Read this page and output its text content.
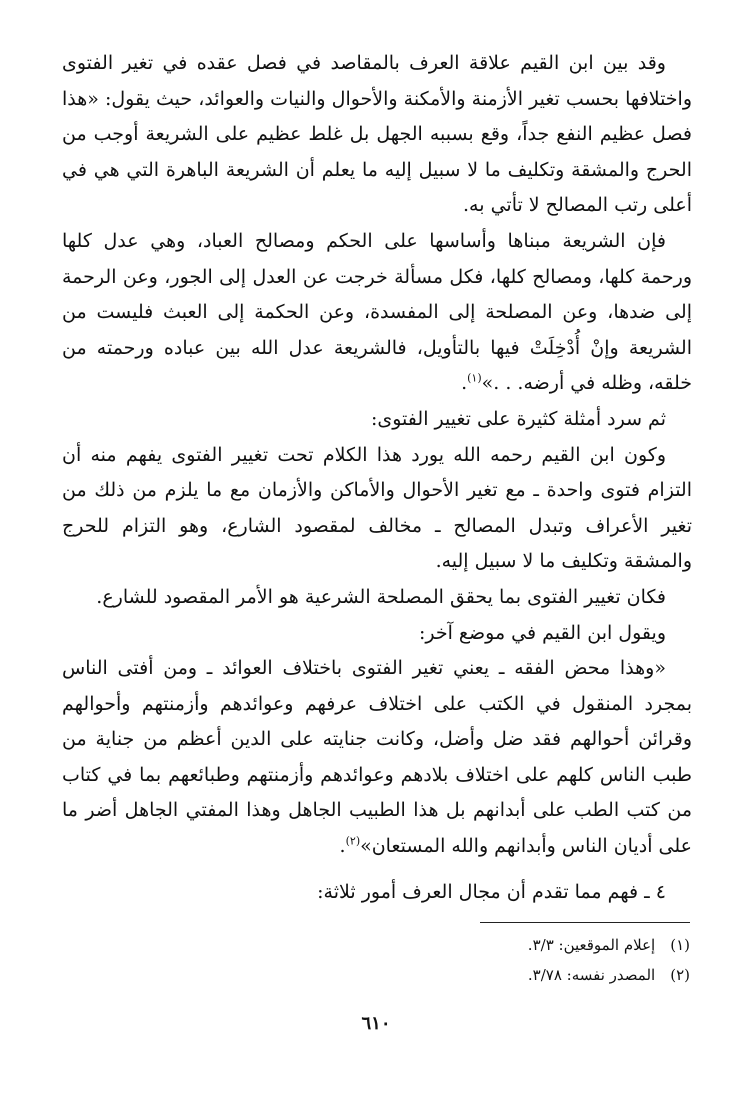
وقد بين ابن القيم علاقة العرف بالمقاصد في فصل عقده في تغير الفتوى واختلافها بحسب تغير الأزمنة والأمكنة والأحوال والنيات والعوائد، حيث يقول: «هذا فصل عظيم النفع جداً، وقع بسببه الجهل بل غلط عظيم على الشريعة أوجب من الحرج والمشقة وتكليف ما لا سبيل إليه ما يعلم أن الشريعة الباهرة التي هي في أعلى رتب المصالح لا تأتي به.

فإن الشريعة مبناها وأساسها على الحكم ومصالح العباد، وهي عدل كلها ورحمة كلها، ومصالح كلها، فكل مسألة خرجت عن العدل إلى الجور، وعن الرحمة إلى ضدها، وعن المصلحة إلى المفسدة، وعن الحكمة إلى العبث فليست من الشريعة وإنْ أُدْخِلَتْ فيها بالتأويل، فالشريعة عدل الله بين عباده ورحمته من خلقه، وظله في أرضه. . .»$^{(١)}$.

ثم سرد أمثلة كثيرة على تغيير الفتوى:

وكون ابن القيم رحمه الله يورد هذا الكلام تحت تغيير الفتوى يفهم منه أن التزام فتوى واحدة ـ مع تغير الأحوال والأماكن والأزمان مع ما يلزم من ذلك من تغير الأعراف وتبدل المصالح ـ مخالف لمقصود الشارع، وهو التزام للحرج والمشقة وتكليف ما لا سبيل إليه.

فكان تغيير الفتوى بما يحقق المصلحة الشرعية هو الأمر المقصود للشارع.

ويقول ابن القيم في موضع آخر:

«وهذا محض الفقه ـ يعني تغير الفتوى باختلاف العوائد ـ ومن أفتى الناس بمجرد المنقول في الكتب على اختلاف عرفهم وعوائدهم وأزمنتهم وأحوالهم وقرائن أحوالهم فقد ضل وأضل، وكانت جنايته على الدين أعظم من جناية من طبب الناس كلهم على اختلاف بلادهم وعوائدهم وأزمنتهم وطبائعهم بما في كتاب من كتب الطب على أبدانهم بل هذا الطبيب الجاهل وهذا المفتي الجاهل أضر ما على أديان الناس وأبدانهم والله المستعان»$^{(٢)}$.

٤ ـ فهم مما تقدم أن مجال العرف أمور ثلاثة:

(١) إعلام الموقعين: ٣/٣.
(٢) المصدر نفسه: ٣/٧٨.
٦١٠
